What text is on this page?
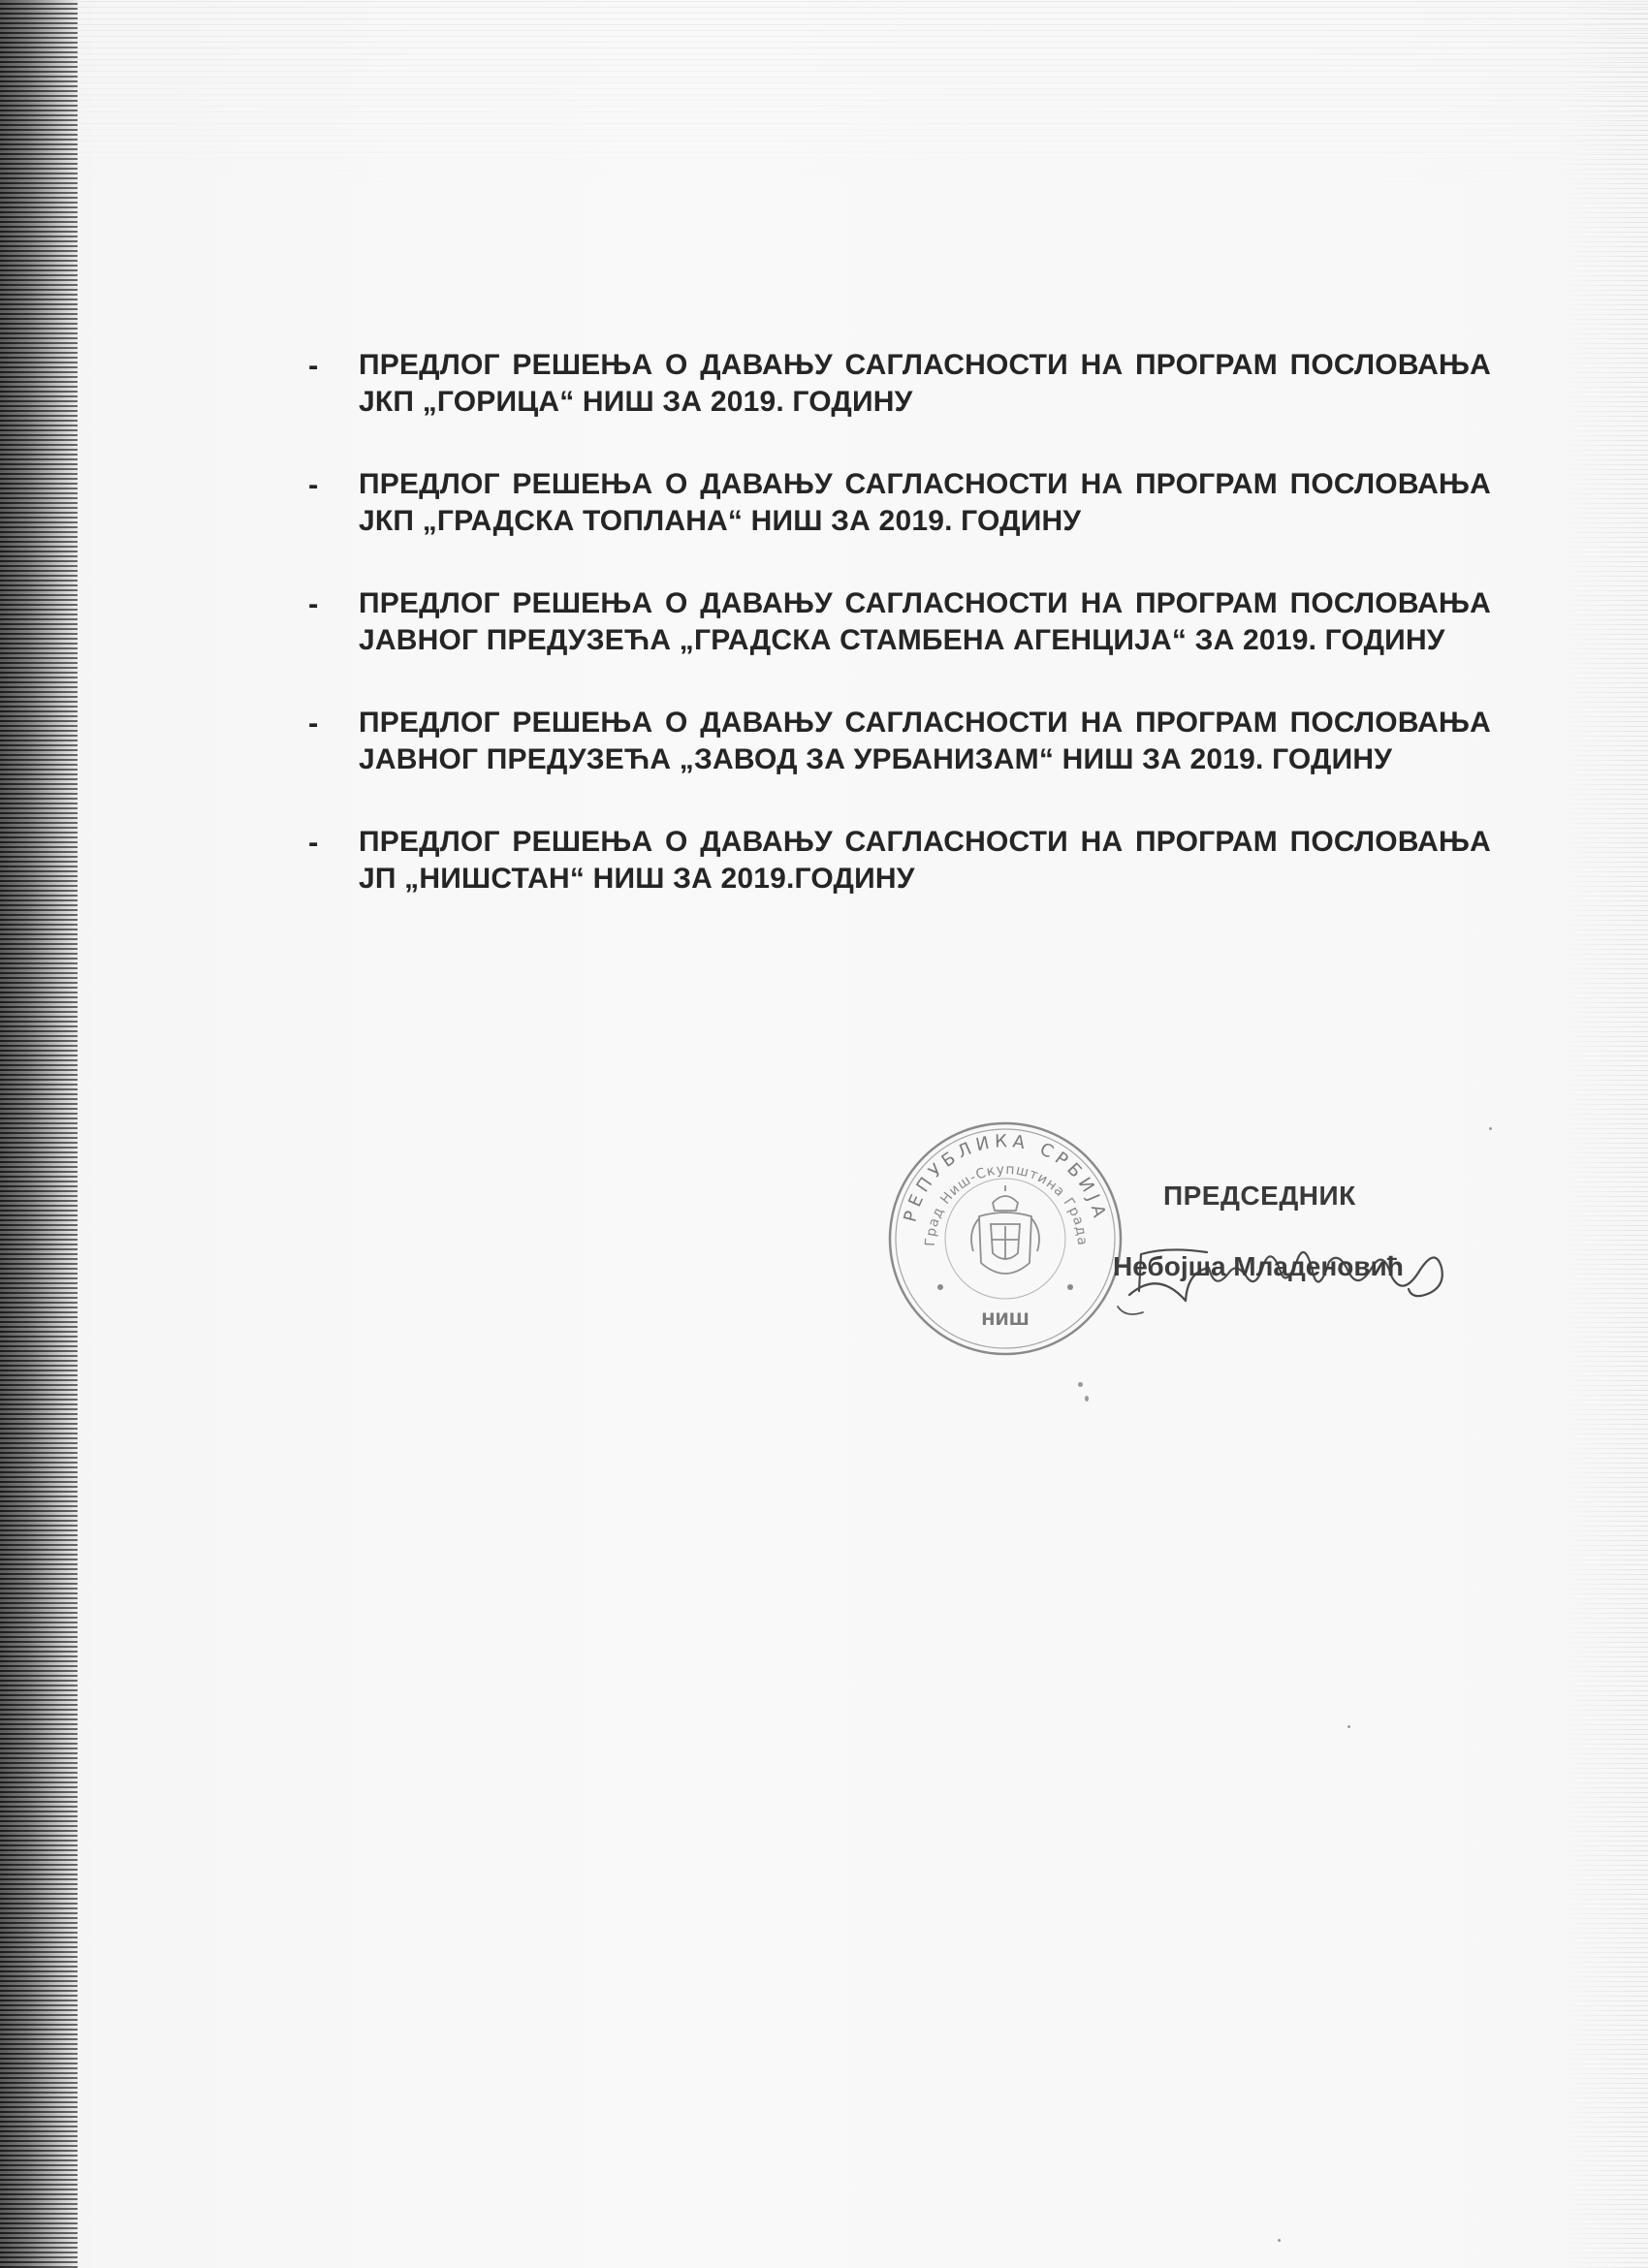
- ПРЕДЛОГ РЕШЕЊА О ДАВАЊУ САГЛАСНОСТИ НА ПРОГРАМ ПОСЛОВАЊА ЈКП „ГОРИЦА“ НИШ ЗА 2019. ГОДИНУ
- ПРЕДЛОГ РЕШЕЊА О ДАВАЊУ САГЛАСНОСТИ НА ПРОГРАМ ПОСЛОВАЊА ЈКП „ГРАДСКА ТОПЛАНА“ НИШ ЗА 2019. ГОДИНУ
- ПРЕДЛОГ РЕШЕЊА О ДАВАЊУ САГЛАСНОСТИ НА ПРОГРАМ ПОСЛОВАЊА ЈАВНОГ ПРЕДУЗЕЋА „ГРАДСКА СТАМБЕНА АГЕНЦИЈА“ ЗА 2019. ГОДИНУ
- ПРЕДЛОГ РЕШЕЊА О ДАВАЊУ САГЛАСНОСТИ НА ПРОГРАМ ПОСЛОВАЊА ЈАВНОГ ПРЕДУЗЕЋА „ЗАВОД ЗА УРБАНИЗАМ“ НИШ ЗА 2019. ГОДИНУ
- ПРЕДЛОГ РЕШЕЊА О ДАВАЊУ САГЛАСНОСТИ НА ПРОГРАМ ПОСЛОВАЊА ЈП „НИШСТАН“ НИШ ЗА 2019.ГОДИНУ
РЕПУБЛИКА СРБИЈА
Град Ниш-Скупштина Града
НИШ
ПРЕДСЕДНИК
Небојша Младеновић
